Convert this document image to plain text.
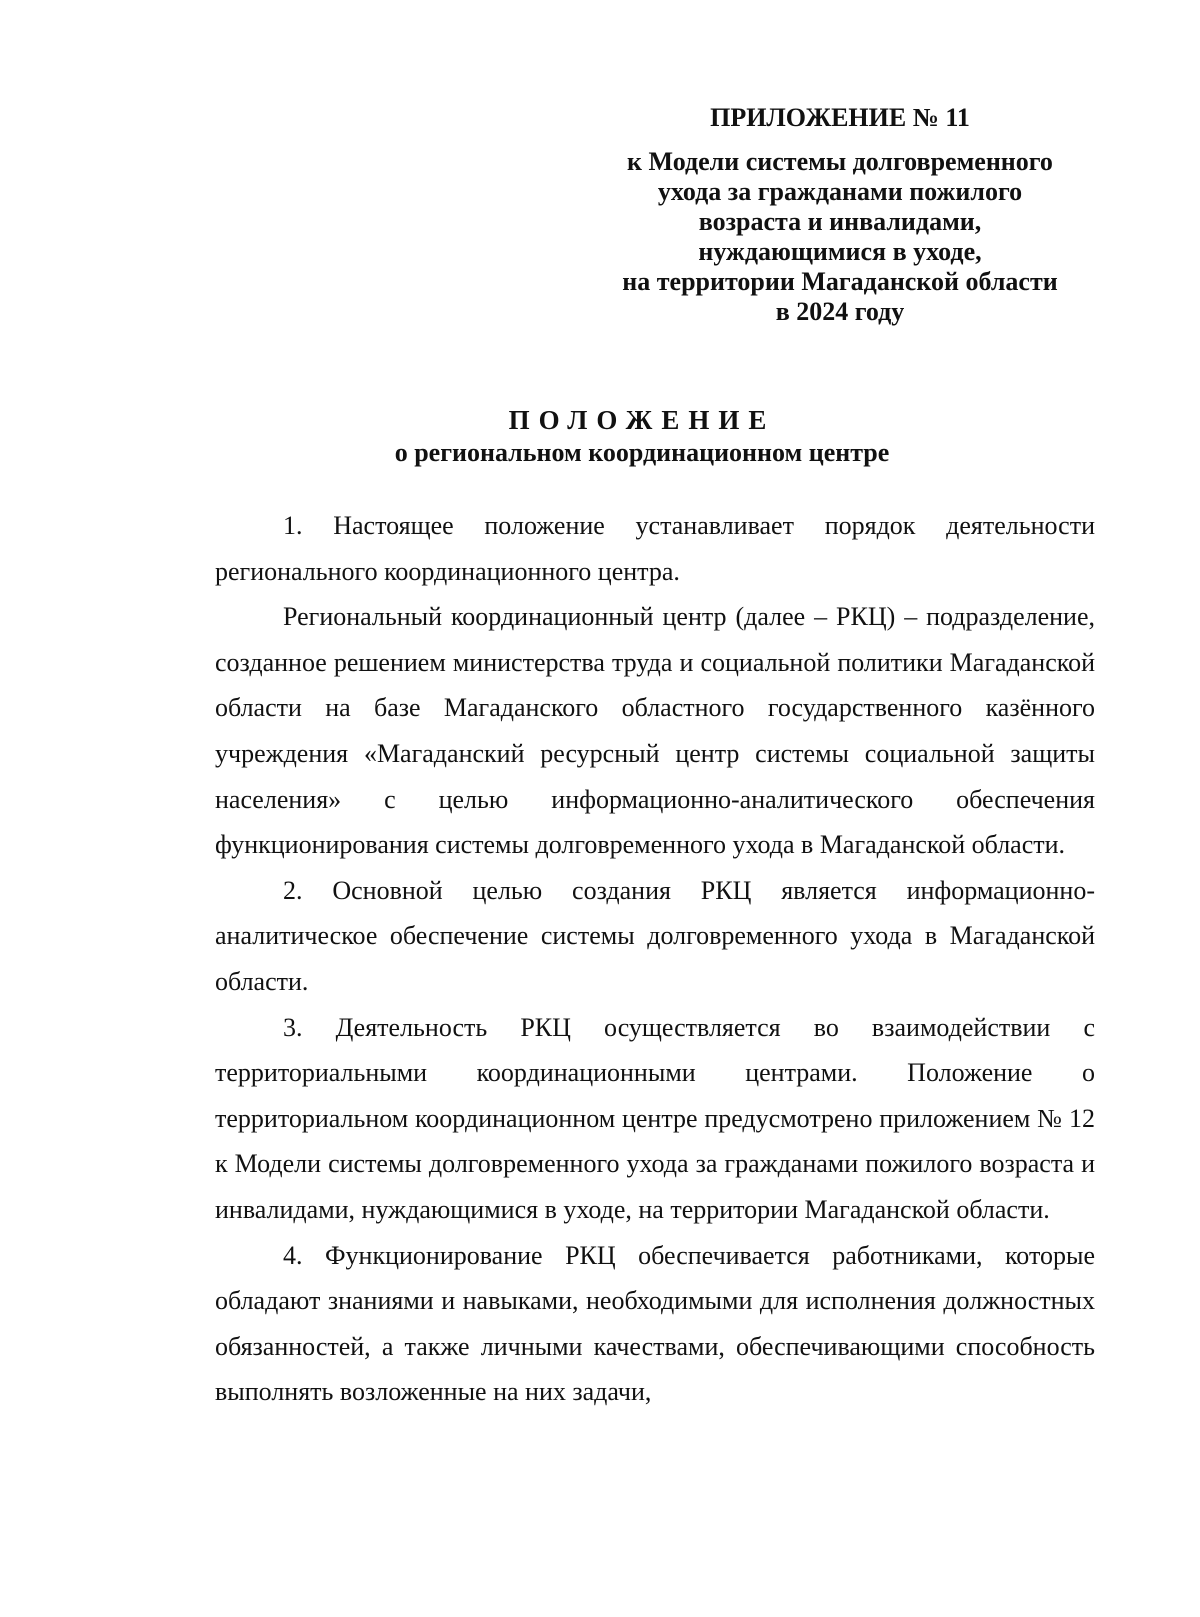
ПРИЛОЖЕНИЕ № 11
к Модели системы долговременного
ухода за гражданами пожилого
возраста и инвалидами,
нуждающимися в уходе,
на территории Магаданской области
в 2024 году
ПОЛОЖЕНИЕ
о региональном координационном центре

1. Настоящее положение устанавливает порядок деятельности регионального координационного центра.

Региональный координационный центр (далее – РКЦ) – подразделение, созданное решением министерства труда и социальной политики Магаданской области на базе Магаданского областного государственного казённого учреждения «Магаданский ресурсный центр системы социальной защиты населения» с целью информационно-аналитического обеспечения функционирования системы долговременного ухода в Магаданской области.

2. Основной целью создания РКЦ является информационно-аналитическое обеспечение системы долговременного ухода в Магаданской области.

3. Деятельность РКЦ осуществляется во взаимодействии с территориальными координационными центрами. Положение о территориальном координационном центре предусмотрено приложением № 12 к Модели системы долговременного ухода за гражданами пожилого возраста и инвалидами, нуждающимися в уходе, на территории Магаданской области.

4. Функционирование РКЦ обеспечивается работниками, которые обладают знаниями и навыками, необходимыми для исполнения должностных обязанностей, а также личными качествами, обеспечивающими способность выполнять возложенные на них задачи,
